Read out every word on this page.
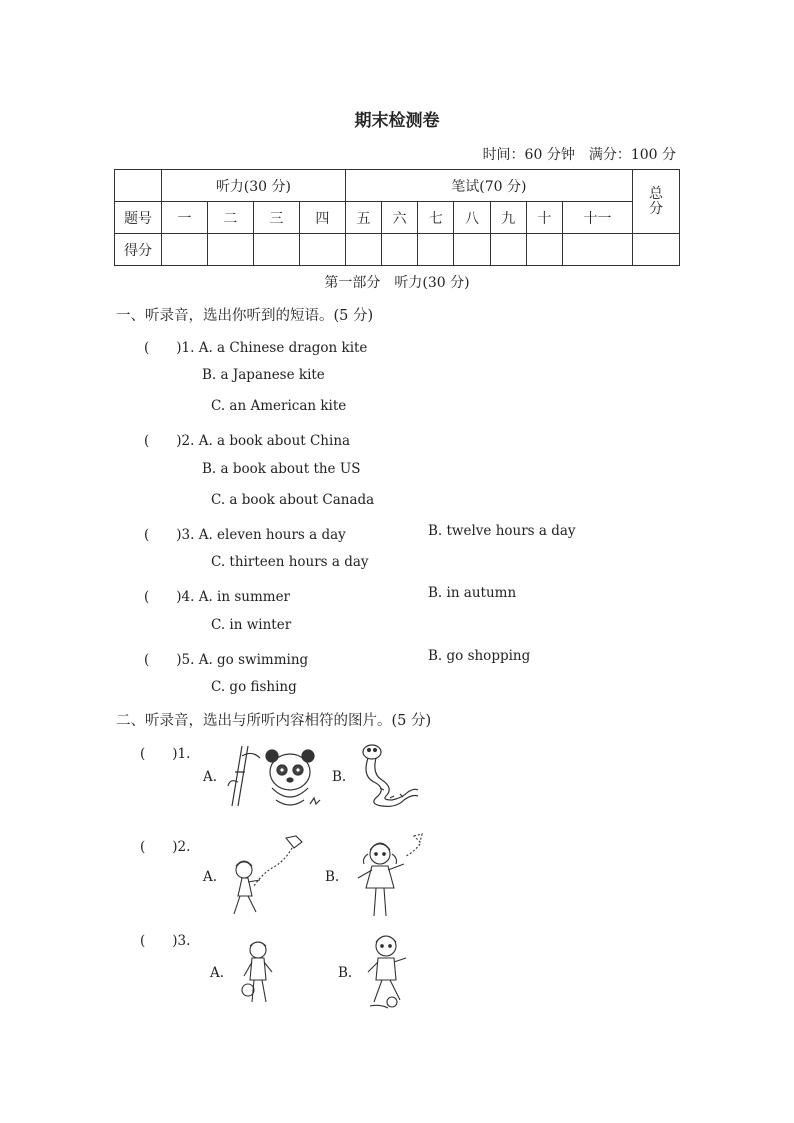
期末检测卷
时间：60 分钟　满分：100 分
	听力(30 分)				笔试(70 分)							总分
题号	一	二	三	四	五	六	七	八	九	十	十一	
得分												
第一部分　听力(30 分)
一、听录音，选出你听到的短语。(5 分)
(　　)1. A. a Chinese dragon kite
B. a Japanese kite
C. an American kite
(　　)2. A. a book about China
B. a book about the US
C. a book about Canada
(　　)3. A. eleven hours a day	B. twelve hours a day
C. thirteen hours a day
(　　)4. A. in summer	B. in autumn
C. in winter
(　　)5. A. go swimming	B. go shopping
C. go fishing
二、听录音，选出与所听内容相符的图片。(5 分)
(　　)1.
A.	B.
(　　)2.
A.	B.
(　　)3.
A.	B.
